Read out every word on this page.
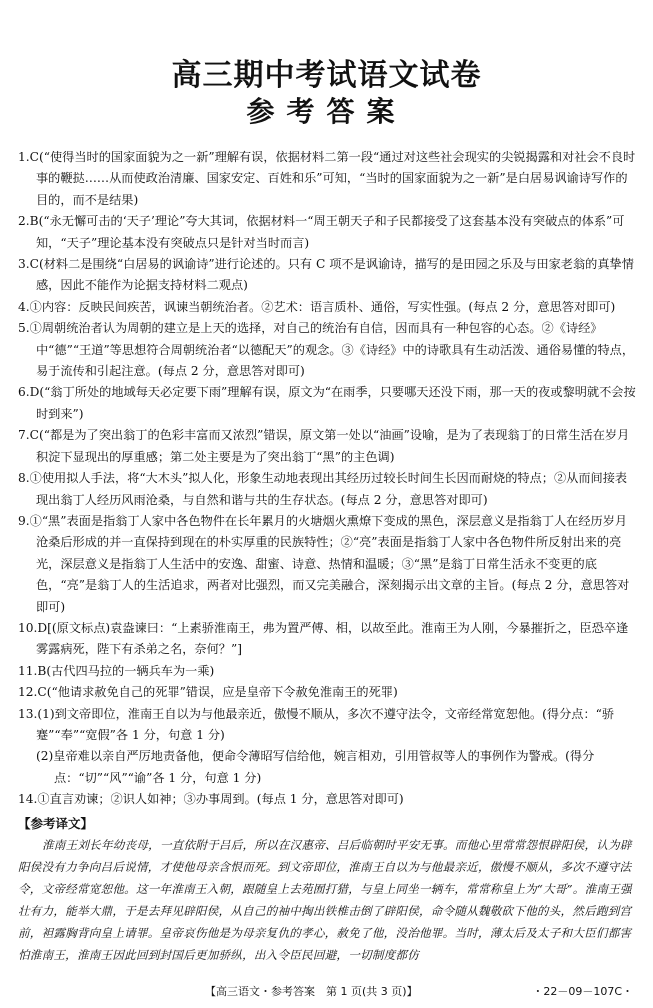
高三期中考试语文试卷
参考答案
1.C(“使得当时的国家面貌为之一新”理解有误，依据材料二第一段“通过对这些社会现实的尖锐揭露和对社会不良时事的鞭挞……从而使政治清廉、国家安定、百姓和乐”可知，“当时的国家面貌为之一新”是白居易讽谕诗写作的目的，而不是结果)
2.B(“永无懈可击的‘天子’理论”夸大其词，依据材料一“周王朝天子和子民都接受了这套基本没有突破点的体系”可知，“天子”理论基本没有突破点只是针对当时而言)
3.C(材料二是围绕“白居易的讽谕诗”进行论述的。只有 C 项不是讽谕诗，描写的是田园之乐及与田家老翁的真挚情感，因此不能作为论据支持材料二观点)
4.①内容：反映民间疾苦，讽谏当朝统治者。②艺术：语言质朴、通俗，写实性强。(每点 2 分，意思答对即可)
5.①周朝统治者认为周朝的建立是上天的选择，对自己的统治有自信，因而具有一种包容的心态。②《诗经》中“德”“王道”等思想符合周朝统治者“以德配天”的观念。③《诗经》中的诗歌具有生动活泼、通俗易懂的特点，易于流传和引起注意。(每点 2 分，意思答对即可)
6.D(“翁丁所处的地域每天必定要下雨”理解有误，原文为“在雨季，只要哪天还没下雨，那一天的夜或黎明就不会按时到来”)
7.C(“都是为了突出翁丁的色彩丰富而又浓烈”错误，原文第一处以“油画”设喻，是为了表现翁丁的日常生活在岁月积淀下显现出的厚重感；第二处主要是为了突出翁丁“黑”的主色调)
8.①使用拟人手法，将“大木头”拟人化，形象生动地表现出其经历过较长时间生长因而耐烧的特点；②从而间接表现出翁丁人经历风雨沧桑，与自然和谐与共的生存状态。(每点 2 分，意思答对即可)
9.①“黑”表面是指翁丁人家中各色物件在长年累月的火塘烟火熏燎下变成的黑色，深层意义是指翁丁人在经历岁月沧桑后形成的并一直保持到现在的朴实厚重的民族特性；②“亮”表面是指翁丁人家中各色物件所反射出来的亮光，深层意义是指翁丁人生活中的安逸、甜蜜、诗意、热情和温暖；③“黑”是翁丁日常生活永不变更的底色，“亮”是翁丁人的生活追求，两者对比强烈，而又完美融合，深刻揭示出文章的主旨。(每点 2 分，意思答对即可)
10.D[(原文标点)袁盎谏曰：“上素骄淮南王，弗为置严傅、相，以故至此。淮南王为人刚，今暴摧折之，臣恐卒逢雾露病死，陛下有杀弟之名，奈何？”]
11.B(古代四马拉的一辆兵车为一乘)
12.C(“他请求赦免自己的死罪”错误，应是皇帝下令赦免淮南王的死罪)
13.(1)到文帝即位，淮南王自以为与他最亲近，傲慢不顺从，多次不遵守法令，文帝经常宽恕他。(得分点：“骄蹇”“奉”“宽假”各 1 分，句意 1 分)
(2)皇帝难以亲自严厉地责备他，便命令薄昭写信给他，婉言相劝，引用管叔等人的事例作为警戒。(得分点：“切”“风”“谕”各 1 分，句意 1 分)
14.①直言劝谏；②识人如神；③办事周到。(每点 1 分，意思答对即可)
【参考译文】
淮南王刘长年幼丧母，一直依附于吕后，所以在汉惠帝、吕后临朝时平安无事。而他心里常常怨恨辟阳侯，认为辟阳侯没有力争向吕后说情，才使他母亲含恨而死。到文帝即位，淮南王自以为与他最亲近，傲慢不顺从，多次不遵守法令，文帝经常宽恕他。这一年淮南王入朝，跟随皇上去苑囿打猎，与皇上同坐一辆车，常常称皇上为“大哥”。淮南王强壮有力，能举大鼎，于是去拜见辟阳侯，从自己的袖中掏出铁椎击倒了辟阳侯，命令随从魏敬砍下他的头，然后跑到宫前，袒露胸背向皇上请罪。皇帝哀伤他是为母亲复仇的孝心，赦免了他，没治他罪。当时，薄太后及太子和大臣们都害怕淮南王，淮南王因此回到封国后更加骄纵，出入令臣民回避，一切制度都仿
【高三语文・参考答案　第 1 页(共 3 页)】	・22－09－107C・
